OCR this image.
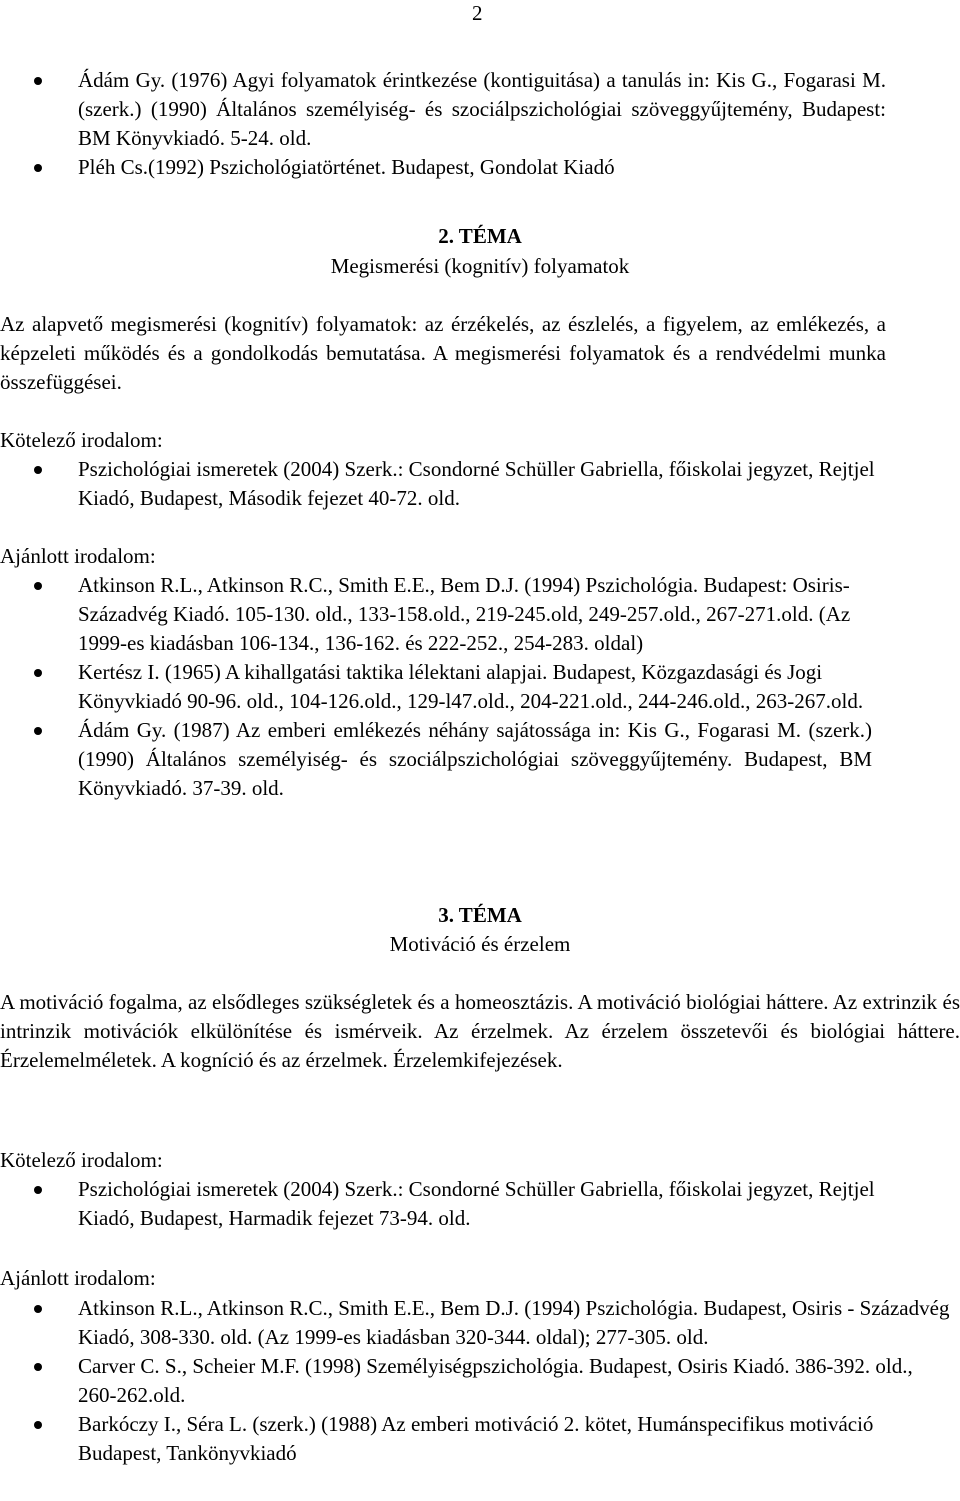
2
Ádám Gy. (1976) Agyi folyamatok érintkezése (kontiguitása) a tanulás in: Kis G., Fogarasi M. (szerk.) (1990) Általános személyiség- és szociálpszichológiai szöveggyűjtemény, Budapest: BM Könyvkiadó. 5-24. old.
Pléh Cs.(1992) Pszichológiatörténet. Budapest, Gondolat Kiadó
2. TÉMA
Megismerési (kognitív) folyamatok

Az alapvető megismerési (kognitív) folyamatok: az érzékelés, az észlelés, a figyelem, az emlékezés, a képzeleti működés és a gondolkodás bemutatása. A megismerési folyamatok és a rendvédelmi munka összefüggései.

Kötelező irodalom:

Pszichológiai ismeretek (2004) Szerk.: Csondorné Schüller Gabriella, főiskolai jegyzet, Rejtjel Kiadó, Budapest, Második fejezet 40-72. old.

Ajánlott irodalom:

Atkinson R.L., Atkinson R.C., Smith E.E., Bem D.J. (1994) Pszichológia. Budapest: Osiris- Századvég Kiadó. 105-130. old., 133-158.old., 219-245.old, 249-257.old., 267-271.old. (Az 1999-es kiadásban 106-134., 136-162. és 222-252., 254-283. oldal)
Kertész I. (1965) A kihallgatási taktika lélektani alapjai. Budapest, Közgazdasági és Jogi Könyvkiadó 90-96. old., 104-126.old., 129-l47.old., 204-221.old., 244-246.old., 263-267.old.
Ádám Gy. (1987) Az emberi emlékezés néhány sajátossága in: Kis G., Fogarasi M. (szerk.) (1990) Általános személyiség- és szociálpszichológiai szöveggyűjtemény. Budapest, BM Könyvkiadó. 37-39. old.
3. TÉMA
Motiváció és érzelem

A motiváció fogalma, az elsődleges szükségletek és a homeosztázis. A motiváció biológiai háttere. Az extrinzik és intrinzik motivációk elkülönítése és ismérveik. Az érzelmek. Az érzelem összetevői és biológiai háttere. Érzelemelméletek. A kogníció és az érzelmek. Érzelemkifejezések.

Kötelező irodalom:

Pszichológiai ismeretek (2004) Szerk.: Csondorné Schüller Gabriella, főiskolai jegyzet, Rejtjel Kiadó, Budapest, Harmadik fejezet 73-94. old.

Ajánlott irodalom:

Atkinson R.L., Atkinson R.C., Smith E.E., Bem D.J. (1994) Pszichológia. Budapest, Osiris - Századvég Kiadó, 308-330. old. (Az 1999-es kiadásban 320-344. oldal); 277-305. old.
Carver C. S., Scheier M.F. (1998) Személyiségpszichológia. Budapest, Osiris Kiadó. 386-392. old., 260-262.old.
Barkóczy I., Séra L. (szerk.) (1988) Az emberi motiváció 2. kötet, Humánspecifikus motiváció Budapest, Tankönyvkiadó
